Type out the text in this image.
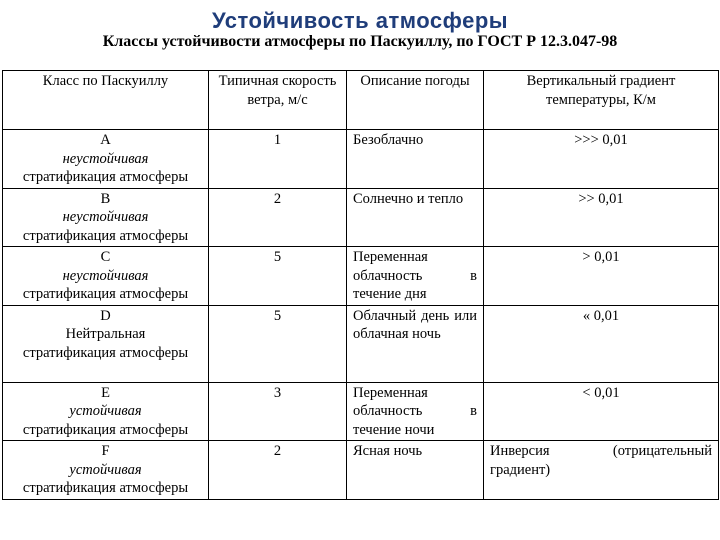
Устойчивость атмосферы
Классы устойчивости атмосферы по Паскуиллу, по ГОСТ Р 12.3.047-98
Класс по Паскуиллу	Типичная скорость ветра, м/с	Описание погоды	Вертикальный градиент температуры, К/м

A
неустойчивая
стратификация атмосферы	1	Безоблачно	>>> 0,01

B
неустойчивая
стратификация атмосферы	2	Солнечно и тепло	>> 0,01

C
неустойчивая
стратификация атмосферы	5	Переменная облачность в течение дня	> 0,01

D
Нейтральная
стратификация атмосферы	5	Облачный день или облачная ночь	« 0,01

E
устойчивая
стратификация атмосферы	3	Переменная облачность в течение ночи	< 0,01

F
устойчивая
стратификация атмосферы	2	Ясная ночь	Инверсия (отрицательный градиент)
